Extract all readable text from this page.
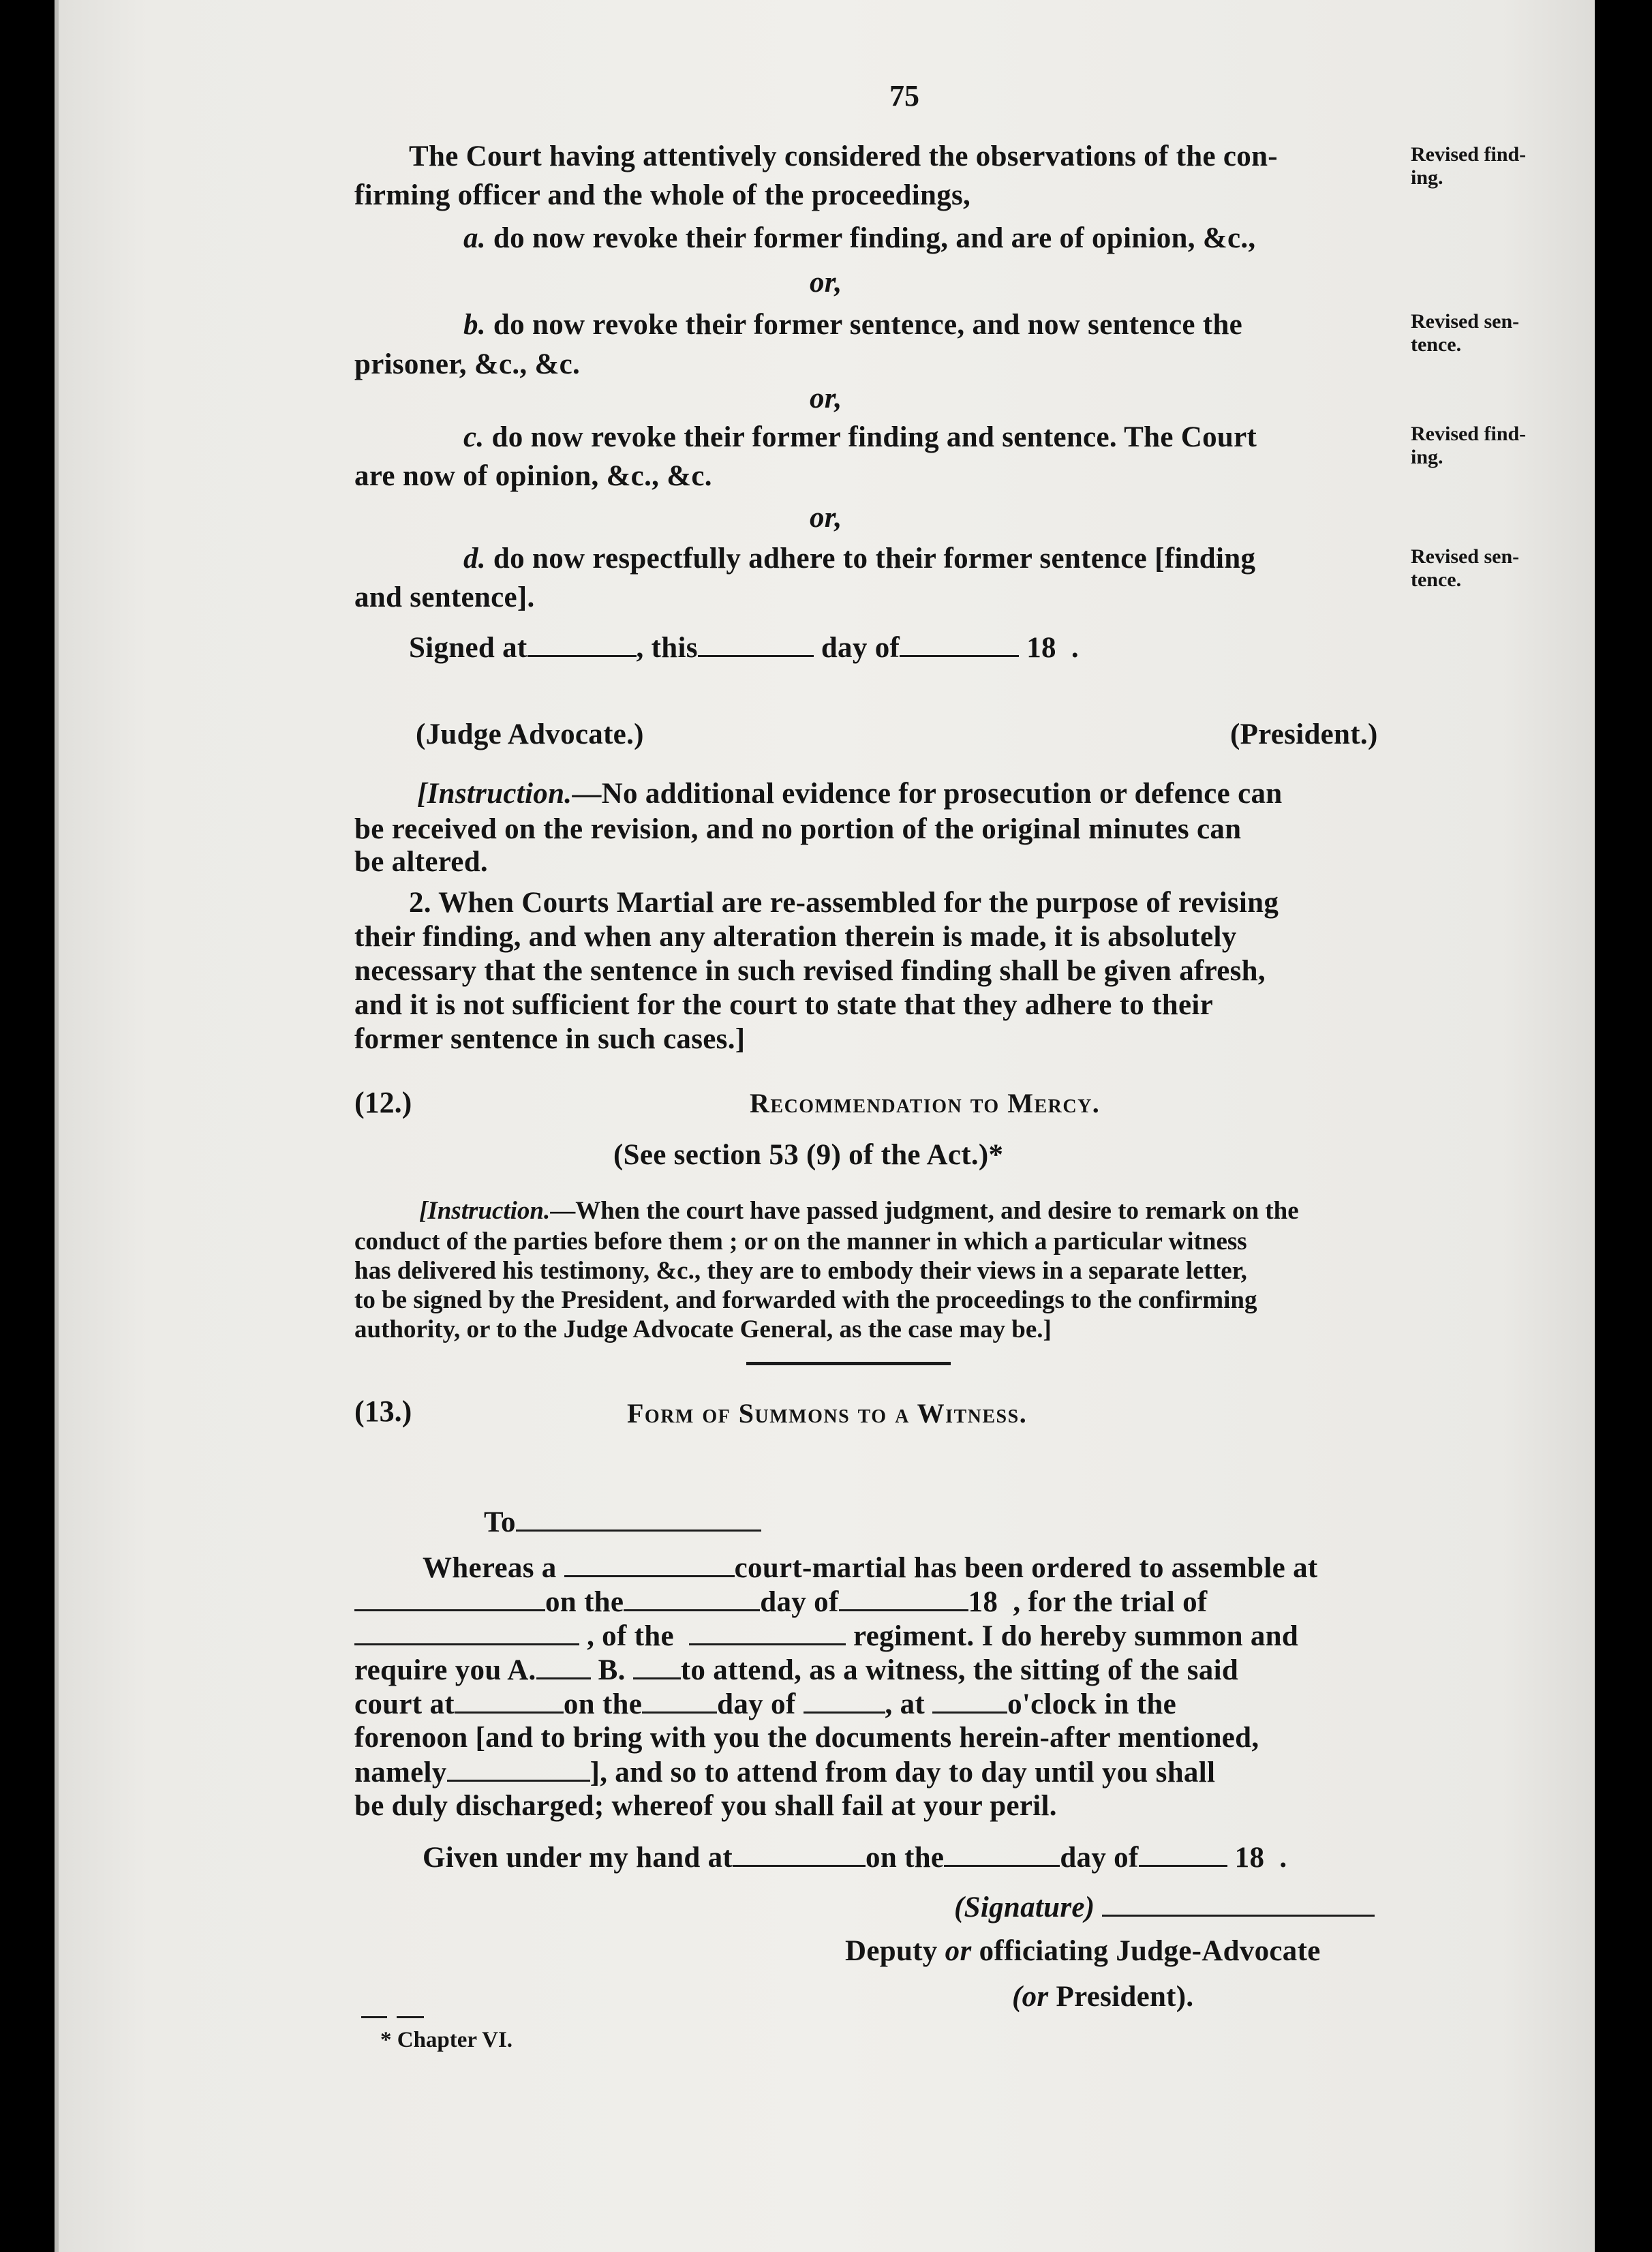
75
The Court having attentively considered the observations of the con-
firming officer and the whole of the proceedings,
Revised find-
ing.
a. do now revoke their former finding, and are of opinion, &c.,
or,
b. do now revoke their former sentence, and now sentence the
prisoner, &c., &c.
Revised sen-
tence.
or,
c. do now revoke their former finding and sentence. The Court
are now of opinion, &c., &c.
Revised find-
ing.
or,
d. do now respectfully adhere to their former sentence [finding
and sentence].
Revised sen-
tence.
Signed at	, this	day of	18  .
(Judge Advocate.)	(President.)
[Instruction.—No additional evidence for prosecution or defence can
be received on the revision, and no portion of the original minutes can
be altered.
2. When Courts Martial are re-assembled for the purpose of revising
their finding, and when any alteration therein is made, it is absolutely
necessary that the sentence in such revised finding shall be given afresh,
and it is not sufficient for the court to state that they adhere to their
former sentence in such cases.]
(12.)	Recommendation to Mercy.
(See section 53 (9) of the Act.)*
[Instruction.—When the court have passed judgment, and desire to remark on the
conduct of the parties before them ; or on the manner in which a particular witness
has delivered his testimony, &c., they are to embody their views in a separate letter,
to be signed by the President, and forwarded with the proceedings to the confirming
authority, or to the Judge Advocate General, as the case may be.]
(13.)	Form of Summons to a Witness.
To
Whereas a	court-martial has been ordered to assemble at
on the	day of	18 , for the trial of
, of the	regiment. I do hereby summon and
require you A. B. to attend, as a witness, the sitting of the said
court at	on the	day of	, at	o'clock in the
forenoon [and to bring with you the documents herein-after mentioned,
namely	], and so to attend from day to day until you shall
be duly discharged; whereof you shall fail at your peril.
Given under my hand at	on the	day of	18  .
(Signature)
Deputy or officiating Judge-Advocate
(or President).
* Chapter VI.
